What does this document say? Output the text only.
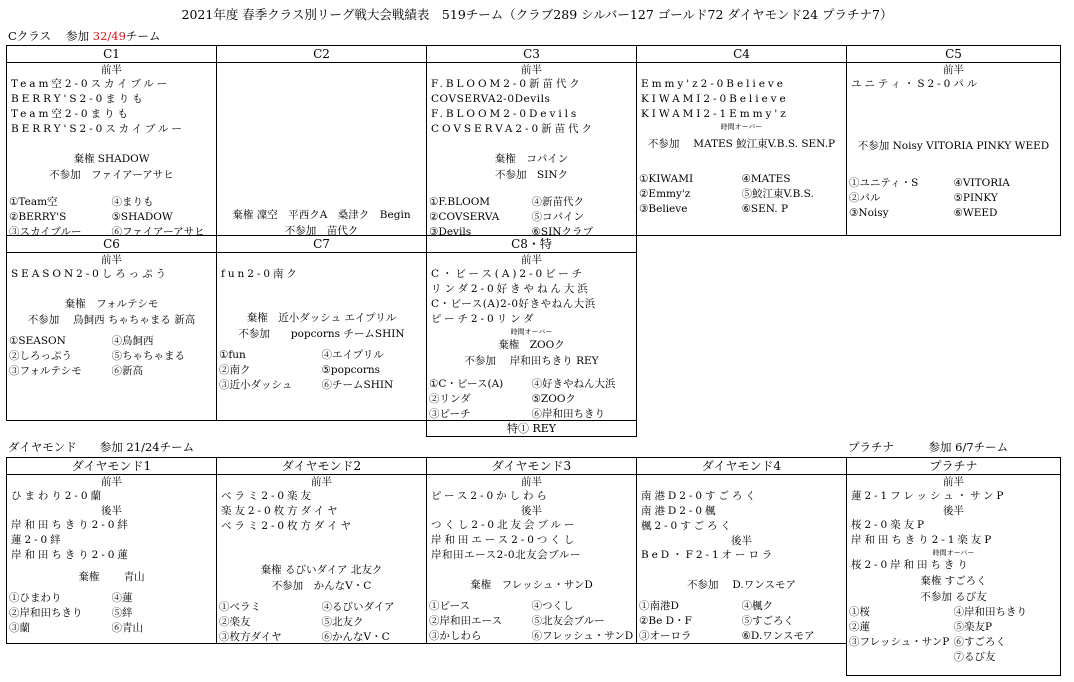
2021年度 春季クラス別リーグ戦大会戦績表　519チーム（クラブ289 シルバー127 ゴールド72 ダイヤモンド24 プラチナ7）
Cクラス　 参加 32/49チーム
C1
前半
Team空2-0スカイブルー
BERRY'S2-0まりも
Team空2-0まりも
BERRY'S2-0スカイブルー
棄権 SHADOW
不参加　ファイアーアサヒ
①Team空	④まりも
②BERRY'S	⑤SHADOW
③スカイブルー	⑥ファイアーアサヒ
C2
棄権 凜空　平西クA　桑津ク　Begin
不参加　苗代ク
C3
前半
F.BLOOM2-0新苗代ク
COVSERVA2-0Devils
F.BLOOM2-0Devils
COVSERVA2-0新苗代ク
棄権　コパイン
不参加　SINク
①F.BLOOM	④新苗代ク
②COVSERVA	⑤コパイン
③Devils	⑥SINクラブ
C4
Emmy'z2-0Believe
KIWAMI2-0Believe
KIWAMI2-1Emmy'z
時間オーバー
不参加　 MATES 鮫江東V.B.S. SEN.P
①KIWAMI	④MATES
②Emmy'z	⑤鮫江東V.B.S.
③Believe	⑥SEN. P
C5
前半
ユニティ・S2-0パル
不参加 Noisy VITORIA PINKY WEED
①ユニティ・S	④VITORIA
②パル	⑤PINKY
③Noisy	⑥WEED
C6
前半
SEASON2-0しろっぷう
棄権　フォルテシモ
不参加　 鳥飼西 ちゃちゃまる 新高
①SEASON	④鳥飼西
②しろっぷう	⑤ちゃちゃまる
③フォルテシモ	⑥新高
C7
fun2-0南ク
棄権　近小ダッシュ エイプリル
不参加　　popcorns チームSHIN
①fun	④エイプリル
②南ク	⑤popcorns
③近小ダッシュ	⑥チームSHIN
C8・特
前半
C・ビース(A)2-0ピーチ
リンダ2-0好きやねん大浜
C・ビース(A)2-0好きやねん大浜
ピーチ2-0リンダ
時間オーバー
棄権　ZOOク
不参加　 岸和田ちきり REY
①C・ビース(A)	④好きやねん大浜
②リンダ	⑤ZOOク
③ピーチ	⑥岸和田ちきり
特① REY
ダイヤモンド　　参加 21/24チーム	プラチナ　　　参加 6/7チーム
ダイヤモンド1
前半
ひまわり2-0蘭
後半
岸和田ちきり2-0絆
蓮2-0絆
岸和田ちきり2-0蓮
棄権　　 青山
①ひまわり	④蓮
②岸和田ちきり	⑤絆
③蘭	⑥青山
ダイヤモンド2
前半
ベラミ2-0楽友
楽友2-0枚方ダイヤ
ベラミ2-0枚方ダイヤ
棄権 るびいダイア 北友ク
不参加　かんなV・C
①ベラミ	④るびいダイア
②楽友	⑤北友ク
③枚方ダイヤ	⑥かんなV・C
ダイヤモンド3
前半
ピース2-0かしわら
後半
つくし2-0北友会ブルー
岸和田エース2-0つくし
岸和田エース2-0北友会ブルー
棄権　フレッシュ・サンD
①ピース	④つくし
②岸和田エース	⑤北友会ブルー
③かしわら	⑥フレッシュ・サンD
ダイヤモンド4
南港D2-0すごろく
南港D2-0楓
楓2-0すごろく
後半
BeD・F2-1オーロラ
不参加　 D.ワンスモア
①南港D	④楓ク
②Be D・F	⑤すごろく
③オーロラ	⑥D.ワンスモア
プラチナ
前半
蓮2-1フレッシュ・サンP
後半
桜2-0楽友P
岸和田ちきり2-1楽友P
時間オーバー
桜2-0岸和田ちきり
棄権 すごろく
不参加 るび友
①桜	④岸和田ちきり
②蓮	⑤楽友P
③フレッシュ・サンP ⑥すごろく
⑦るび友
